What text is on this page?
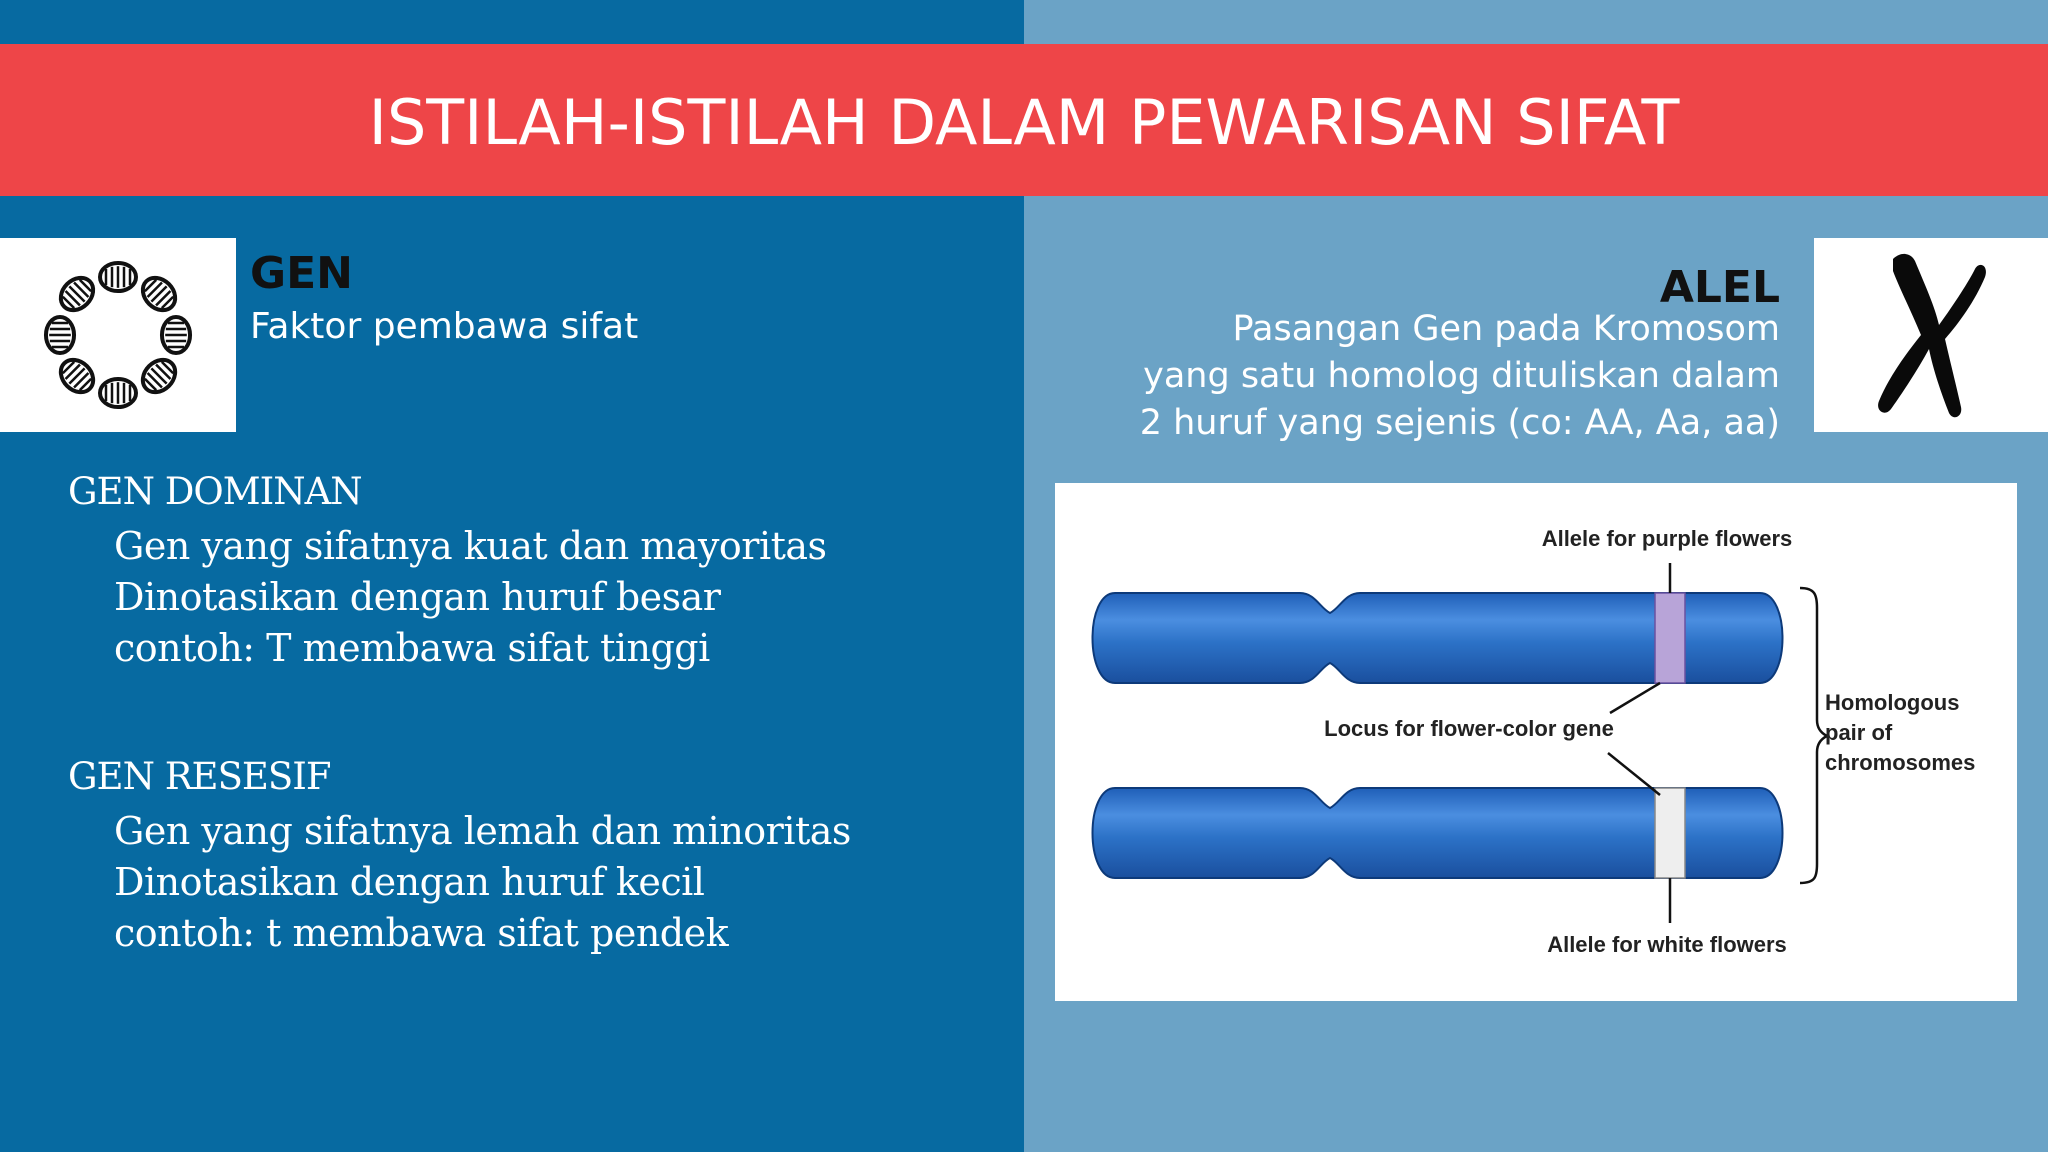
ISTILAH-ISTILAH DALAM PEWARISAN SIFAT
GEN
Faktor pembawa sifat
ALEL
Pasangan Gen pada Kromosom
yang satu homolog dituliskan dalam
2 huruf yang sejenis (co: AA, Aa, aa)
GEN DOMINAN
Gen yang sifatnya kuat dan mayoritas
Dinotasikan dengan huruf besar
contoh: T membawa sifat tinggi
GEN RESESIF
Gen yang sifatnya lemah dan minoritas
Dinotasikan dengan huruf kecil
contoh: t membawa sifat pendek
Allele for purple flowers
Locus for flower-color gene
Allele for white flowers
Homologous
pair of
chromosomes
